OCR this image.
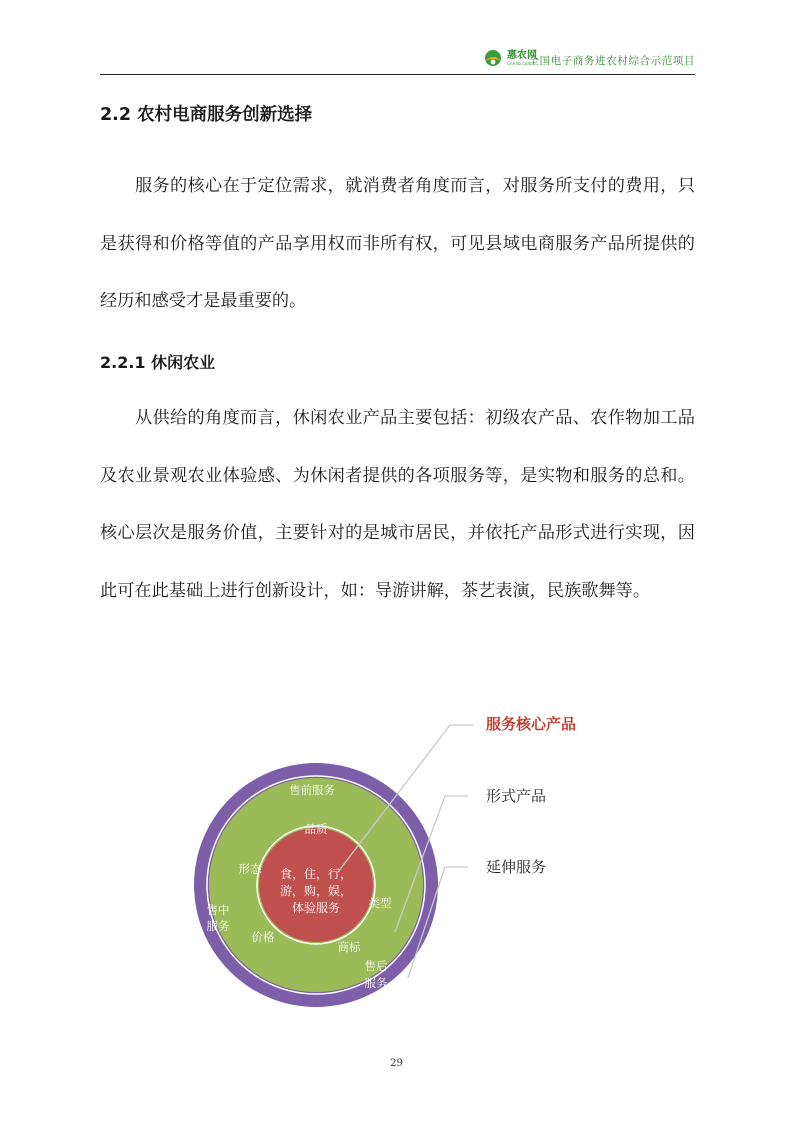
惠农网
Cnhnb.com
全国电子商务进农村综合示范项目
2.2 农村电商服务创新选择

服务的核心在于定位需求，就消费者角度而言，对服务所支付的费用，只是获得和价格等值的产品享用权而非所有权，可见县域电商服务产品所提供的经历和感受才是最重要的。

2.2.1 休闲农业

从供给的角度而言，休闲农业产品主要包括：初级农产品、农作物加工品及农业景观农业体验感、为休闲者提供的各项服务等，是实物和服务的总和。核心层次是服务价值，主要针对的是城市居民，并依托产品形式进行实现，因此可在此基础上进行创新设计，如：导游讲解，茶艺表演，民族歌舞等。

服务核心产品
形式产品
延伸服务
售前服务
售中
服务
售后
服务
品质
形态
类型
价格
商标
食，住，行，
游，购，娱，
体验服务
29
